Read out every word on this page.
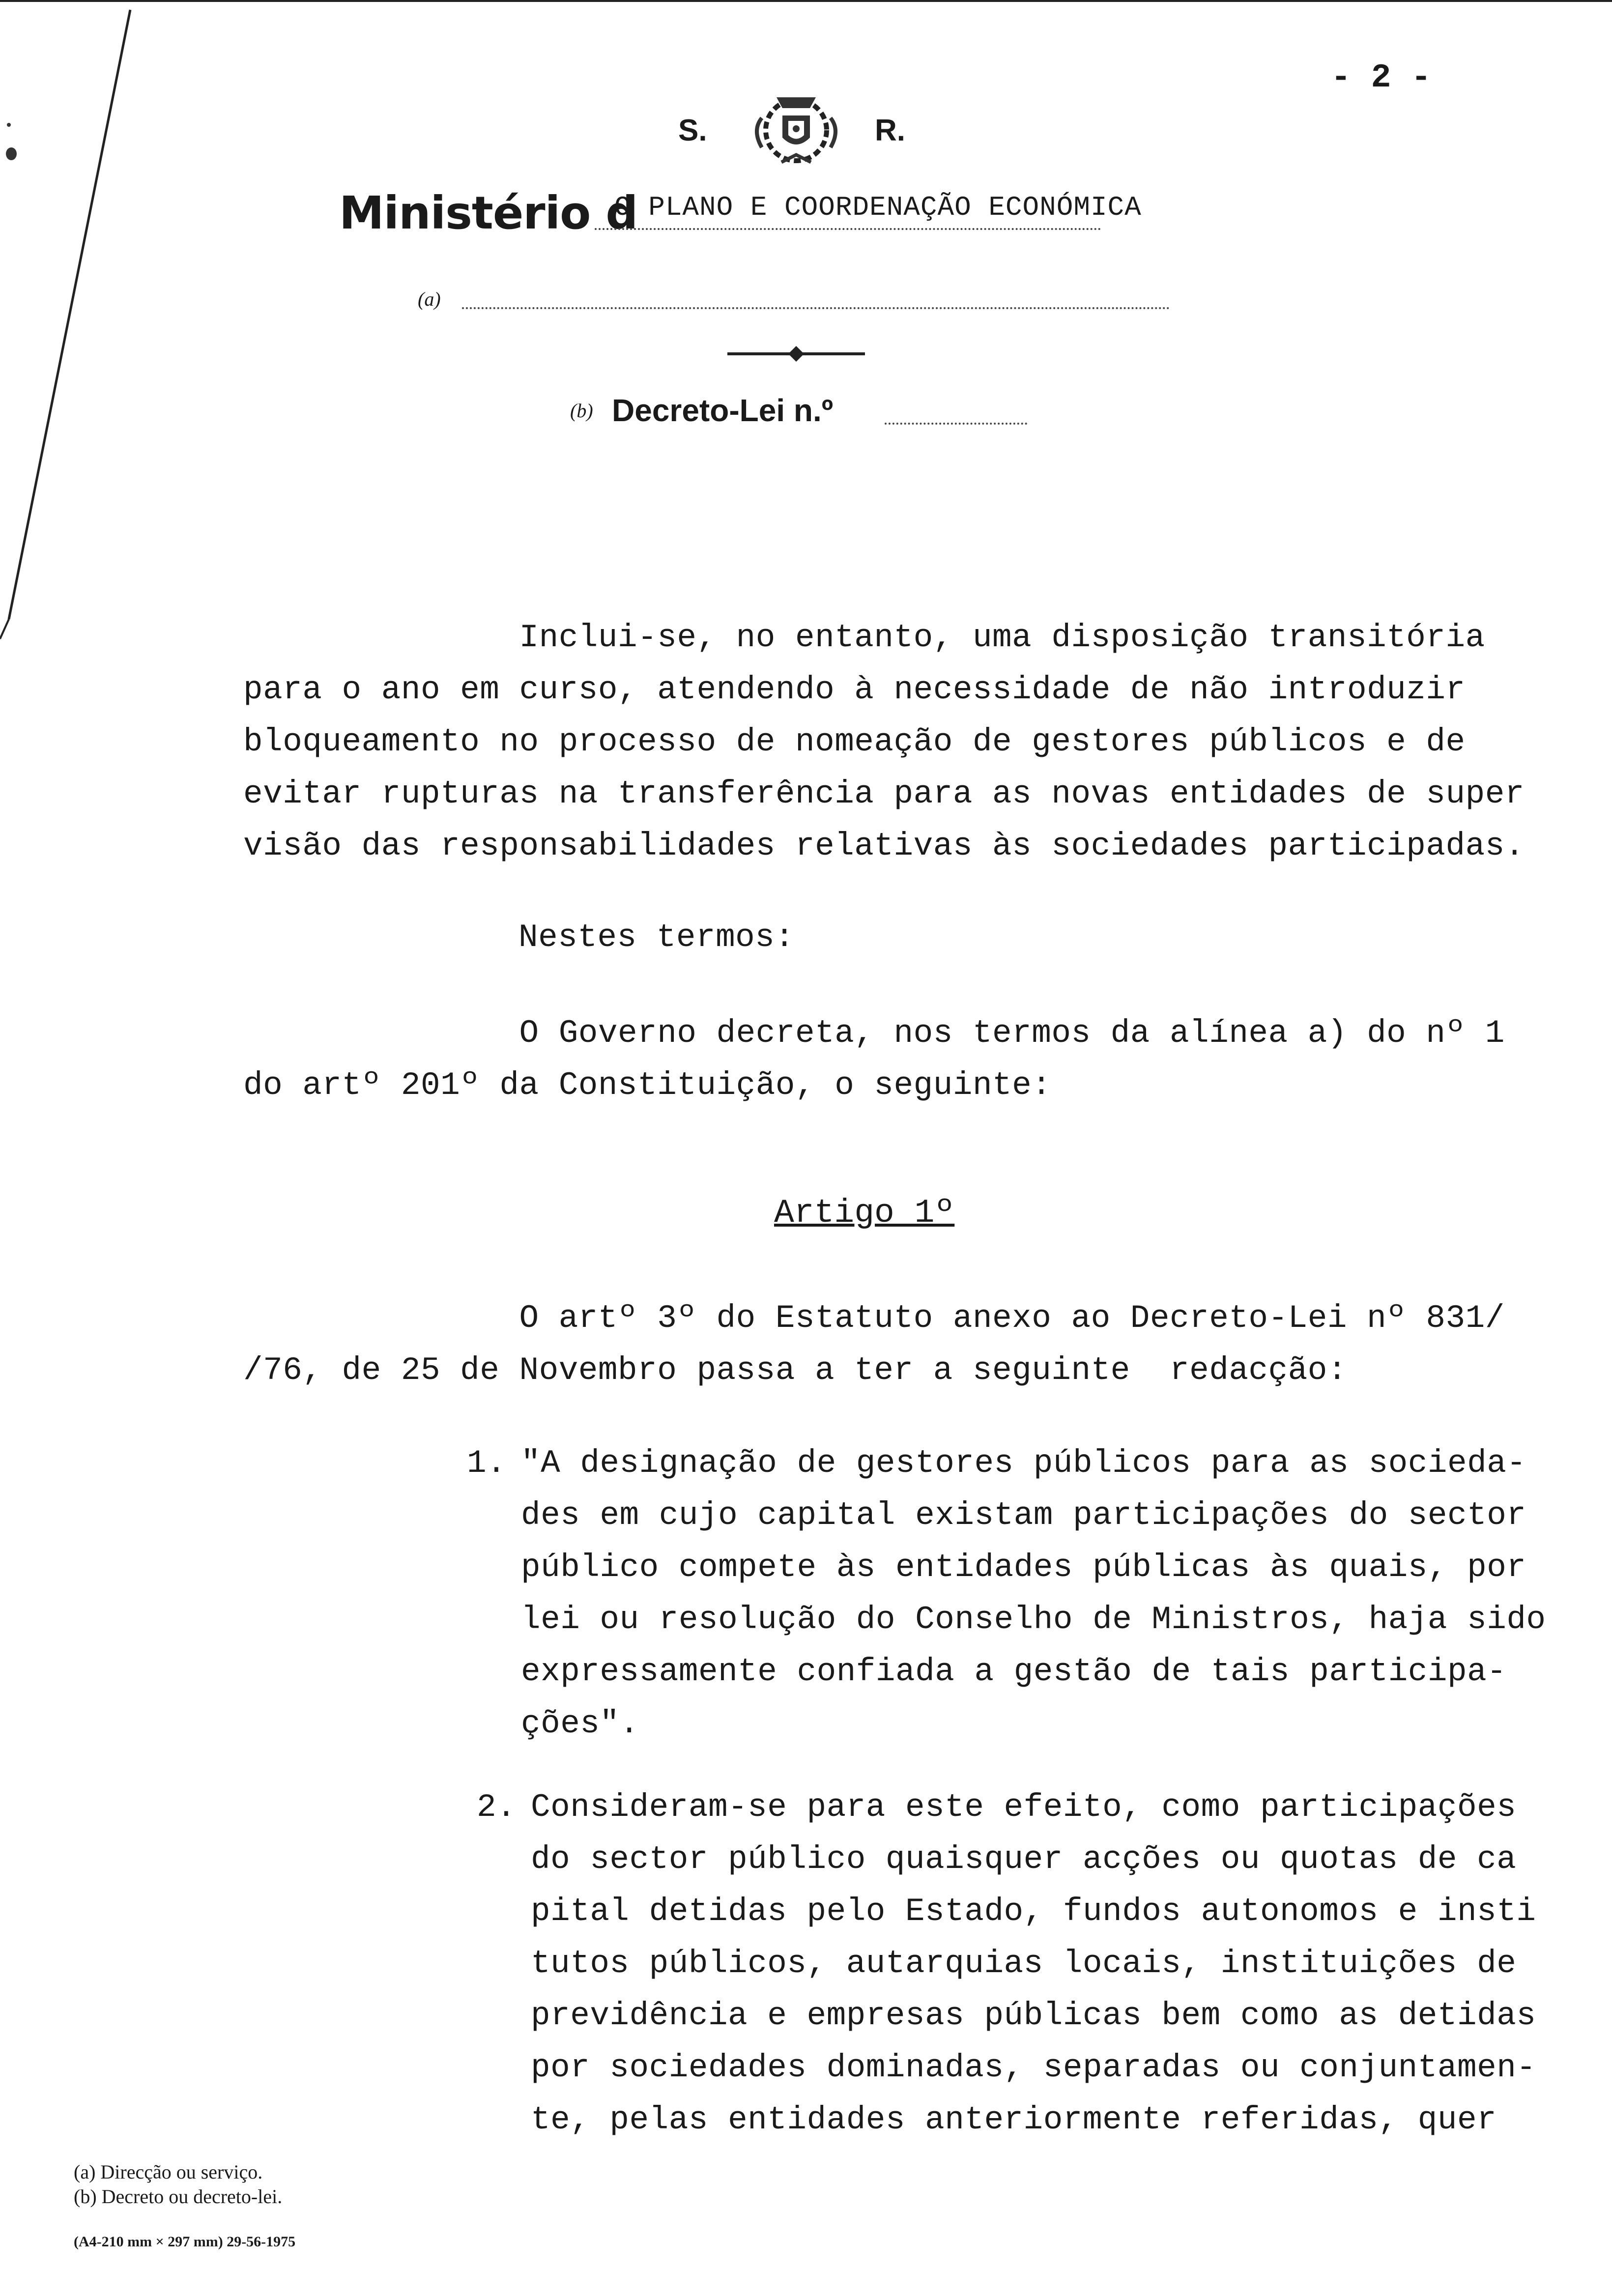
- 2 -
S.	R.
Ministério d
O PLANO E COORDENAÇÃO ECONÓMICA
(a)
(b) Decreto-Lei n.º
Inclui-se, no entanto, uma disposição transitória
para o ano em curso, atendendo à necessidade de não introduzir
bloqueamento no processo de nomeação de gestores públicos e de
evitar rupturas na transferência para as novas entidades de super
visão das responsabilidades relativas às sociedades participadas.
Nestes termos:
O Governo decreta, nos termos da alínea a) do nº 1
do artº 201º da Constituição, o seguinte:
Artigo 1º
O artº 3º do Estatuto anexo ao Decreto-Lei nº 831/
/76, de 25 de Novembro passa a ter a seguinte  redacção:
1. "A designação de gestores públicos para as socieda-
des em cujo capital existam participações do sector
público compete às entidades públicas às quais, por
lei ou resolução do Conselho de Ministros, haja sido
expressamente confiada a gestão de tais participa-
ções".
2. Consideram-se para este efeito, como participações
do sector público quaisquer acções ou quotas de ca
pital detidas pelo Estado, fundos autonomos e insti
tutos públicos, autarquias locais, instituições de
previdência e empresas públicas bem como as detidas
por sociedades dominadas, separadas ou conjuntamen-
te, pelas entidades anteriormente referidas, quer
(a) Direcção ou serviço.
(b) Decreto ou decreto-lei.
(A4-210 mm × 297 mm) 29-56-1975
